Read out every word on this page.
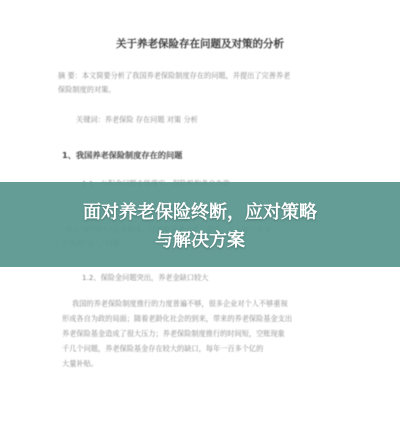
关于养老保险存在问题及对策的分析
摘 要：本文简要分析了我国养老保险制度存在的问题，并提出了完善养老
保险制度的对策。
关键词：养老保险 存在问题 对策 分析
1、我国养老保险制度存在的问题
1.2、保险金问题突出，养老金缺口较大
我国的养老保险制度推行的力度普遍不够，很多企业对个人不够重视
形成各自为政的局面；随着老龄化社会的到来，带来的养老保险基金支出
养老保险基金造成了很大压力；养老保险制度推行的时间短，空账现象
千几个问题，养老保险基金存在较大的缺口，每年一百多个亿的
大量补贴。
面对养老保险终断，应对策略
与解决方案
